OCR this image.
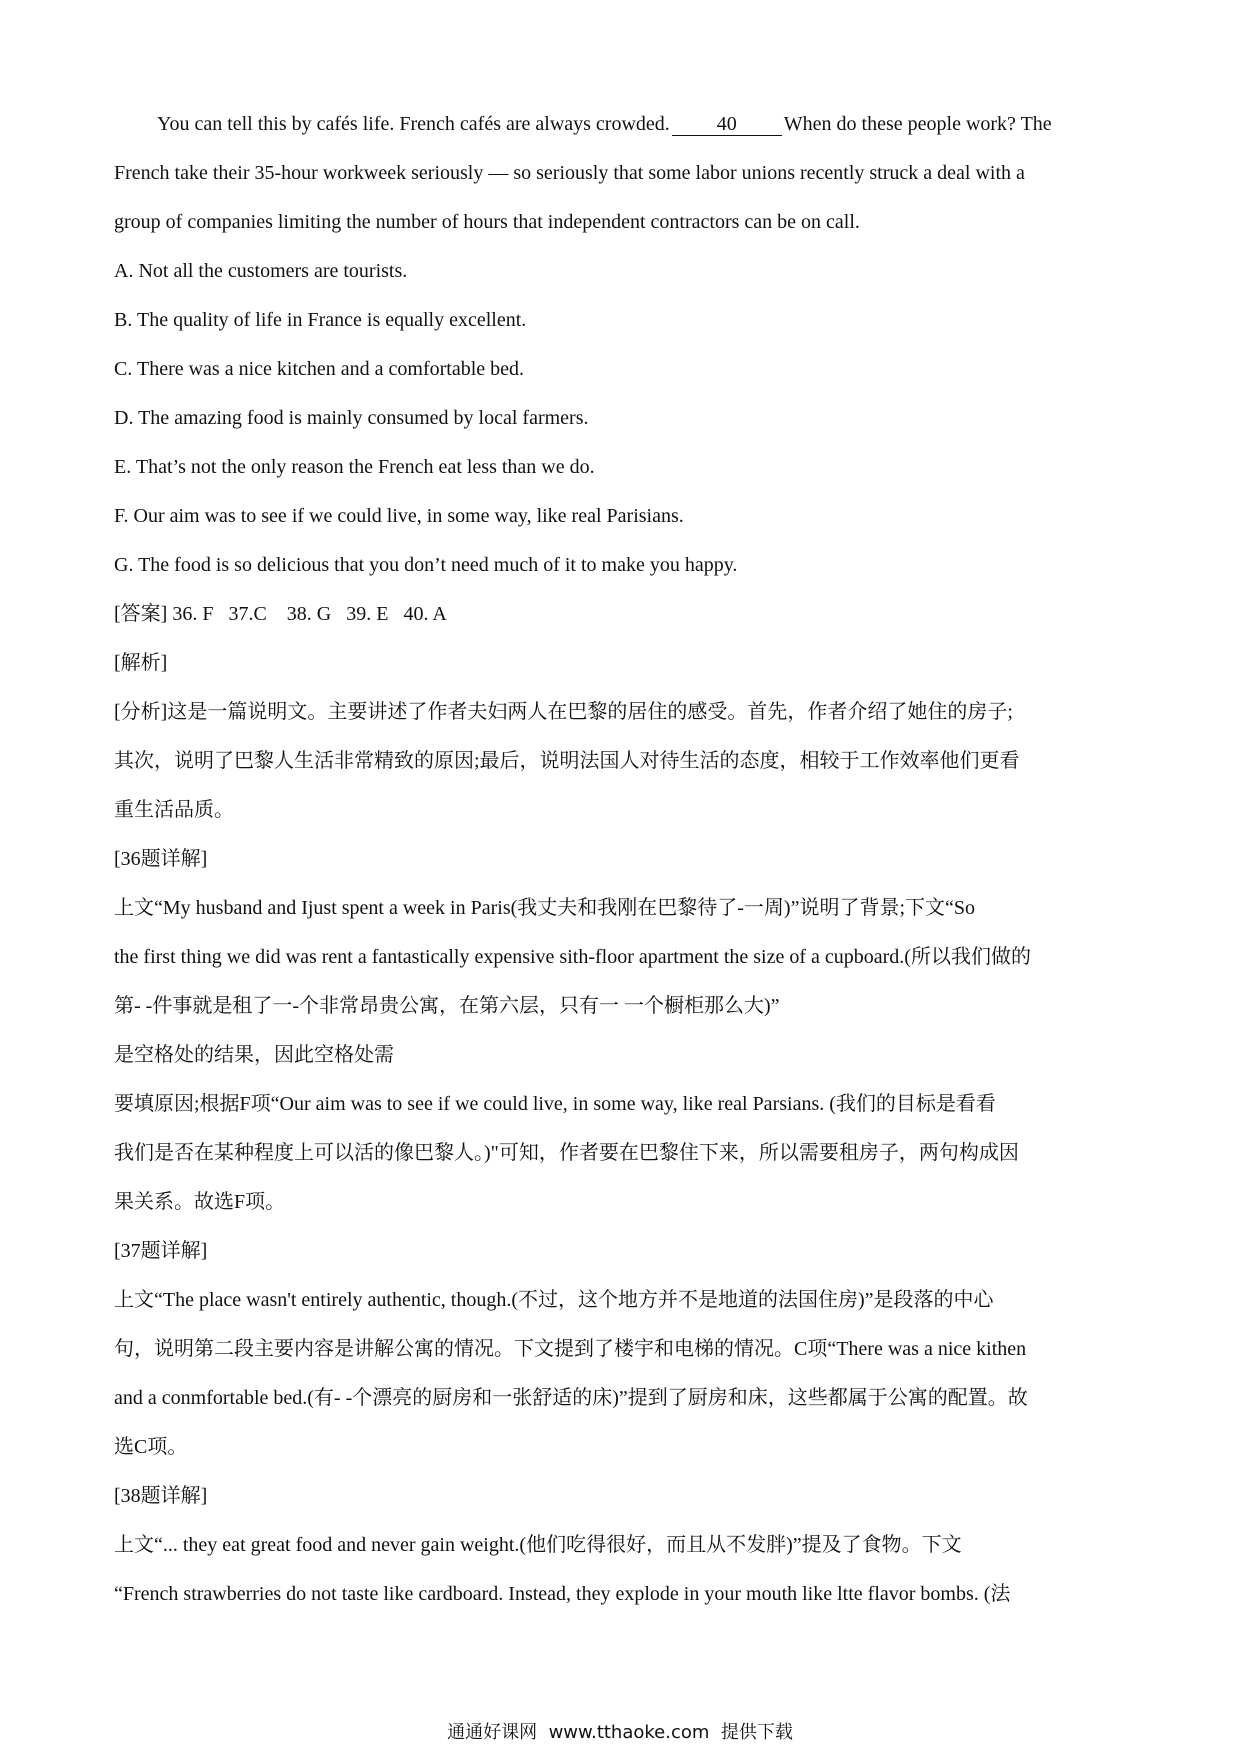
You can tell this by cafés life. French cafés are always crowded. 40 When do these people work? The
French take their 35-hour workweek seriously — so seriously that some labor unions recently struck a deal with a
group of companies limiting the number of hours that independent contractors can be on call.
A. Not all the customers are tourists.
B. The quality of life in France is equally excellent.
C. There was a nice kitchen and a comfortable bed.
D. The amazing food is mainly consumed by local farmers.
E. That’s not the only reason the French eat less than we do.
F. Our aim was to see if we could live, in some way, like real Parisians.
G. The food is so delicious that you don’t need much of it to make you happy.
[答案] 36. F   37.C    38. G   39. E   40. A
[解析]
[分析]这是一篇说明文。主要讲述了作者夫妇两人在巴黎的居住的感受。首先，作者介绍了她住的房子;
其次，说明了巴黎人生活非常精致的原因;最后，说明法国人对待生活的态度，相较于工作效率他们更看
重生活品质。
[36题详解]
上文“My husband and Ijust spent a week in Paris(我丈夫和我刚在巴黎待了-一周)”说明了背景;下文“So
the first thing we did was rent a fantastically expensive sith-floor apartment the size of a cupboard.(所以我们做的
第- -件事就是租了一-个非常昂贵公寓，在第六层，只有一 一个橱柜那么大)”
是空格处的结果，因此空格处需
要填原因;根据F项“Our aim was to see if we could live, in some way, like real Parsians. (我们的目标是看看
我们是否在某种程度上可以活的像巴黎人。)"可知，作者要在巴黎住下来，所以需要租房子，两句构成因
果关系。故选F项。
[37题详解]
上文“The place wasn't entirely authentic, though.(不过，这个地方并不是地道的法国住房)”是段落的中心
句，说明第二段主要内容是讲解公寓的情况。下文提到了楼宇和电梯的情况。C项“There was a nice kithen
and a conmfortable bed.(有- -个漂亮的厨房和一张舒适的床)”提到了厨房和床，这些都属于公寓的配置。故
选C项。
[38题详解]
上文“... they eat great food and never gain weight.(他们吃得很好，而且从不发胖)”提及了食物。下文
“French strawberries do not taste like cardboard. Instead, they explode in your mouth like ltte flavor bombs. (法
通通好课网  www.tthaoke.com  提供下载
